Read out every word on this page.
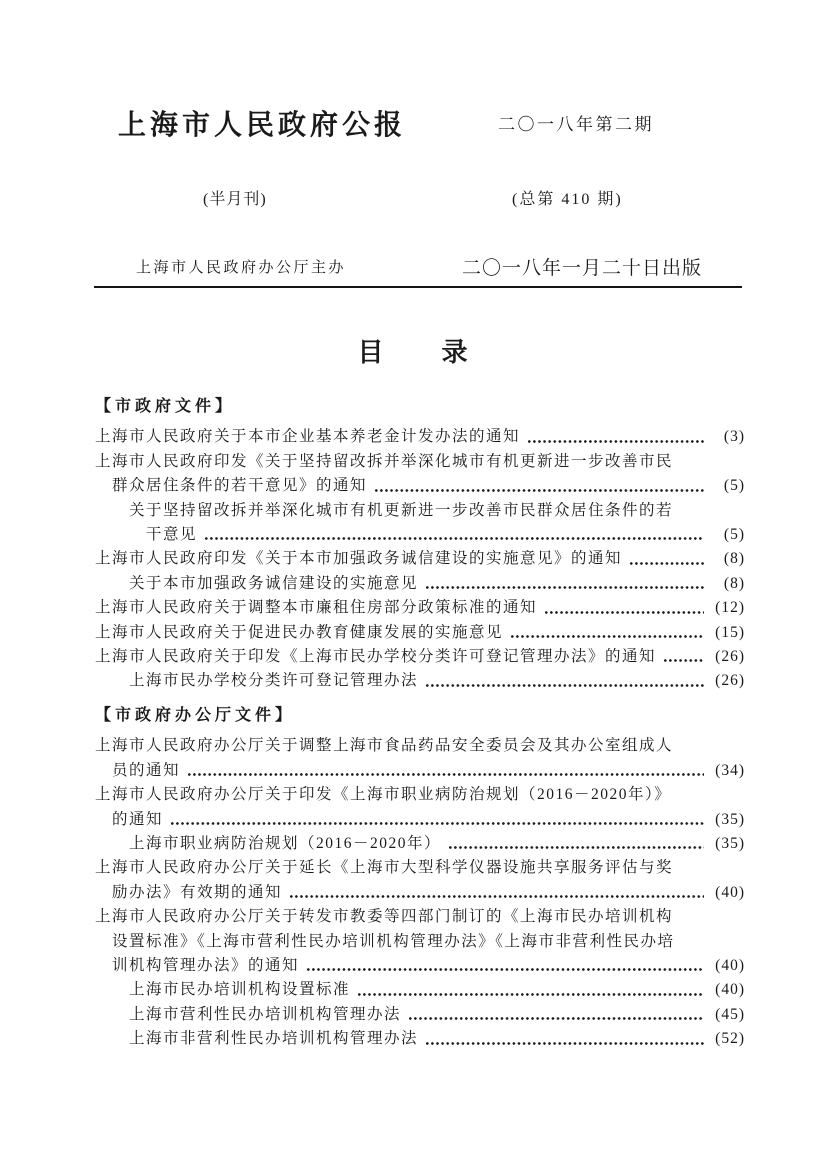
上海市人民政府公报	二〇一八年第二期
(半月刊)	(总第 410 期)
上海市人民政府办公厅主办	二〇一八年一月二十日出版
目　　录
【市政府文件】
上海市人民政府关于本市企业基本养老金计发办法的通知	(3)
上海市人民政府印发《关于坚持留改拆并举深化城市有机更新进一步改善市民
群众居住条件的若干意见》的通知	(5)
关于坚持留改拆并举深化城市有机更新进一步改善市民群众居住条件的若
干意见	(5)
上海市人民政府印发《关于本市加强政务诚信建设的实施意见》的通知	(8)
关于本市加强政务诚信建设的实施意见	(8)
上海市人民政府关于调整本市廉租住房部分政策标准的通知	(12)
上海市人民政府关于促进民办教育健康发展的实施意见	(15)
上海市人民政府关于印发《上海市民办学校分类许可登记管理办法》的通知	(26)
上海市民办学校分类许可登记管理办法	(26)
【市政府办公厅文件】
上海市人民政府办公厅关于调整上海市食品药品安全委员会及其办公室组成人
员的通知	(34)
上海市人民政府办公厅关于印发《上海市职业病防治规划（2016－2020年）》
的通知	(35)
上海市职业病防治规划（2016－2020年）	(35)
上海市人民政府办公厅关于延长《上海市大型科学仪器设施共享服务评估与奖
励办法》有效期的通知	(40)
上海市人民政府办公厅关于转发市教委等四部门制订的《上海市民办培训机构
设置标准》《上海市营利性民办培训机构管理办法》《上海市非营利性民办培
训机构管理办法》的通知	(40)
上海市民办培训机构设置标准	(40)
上海市营利性民办培训机构管理办法	(45)
上海市非营利性民办培训机构管理办法	(52)
